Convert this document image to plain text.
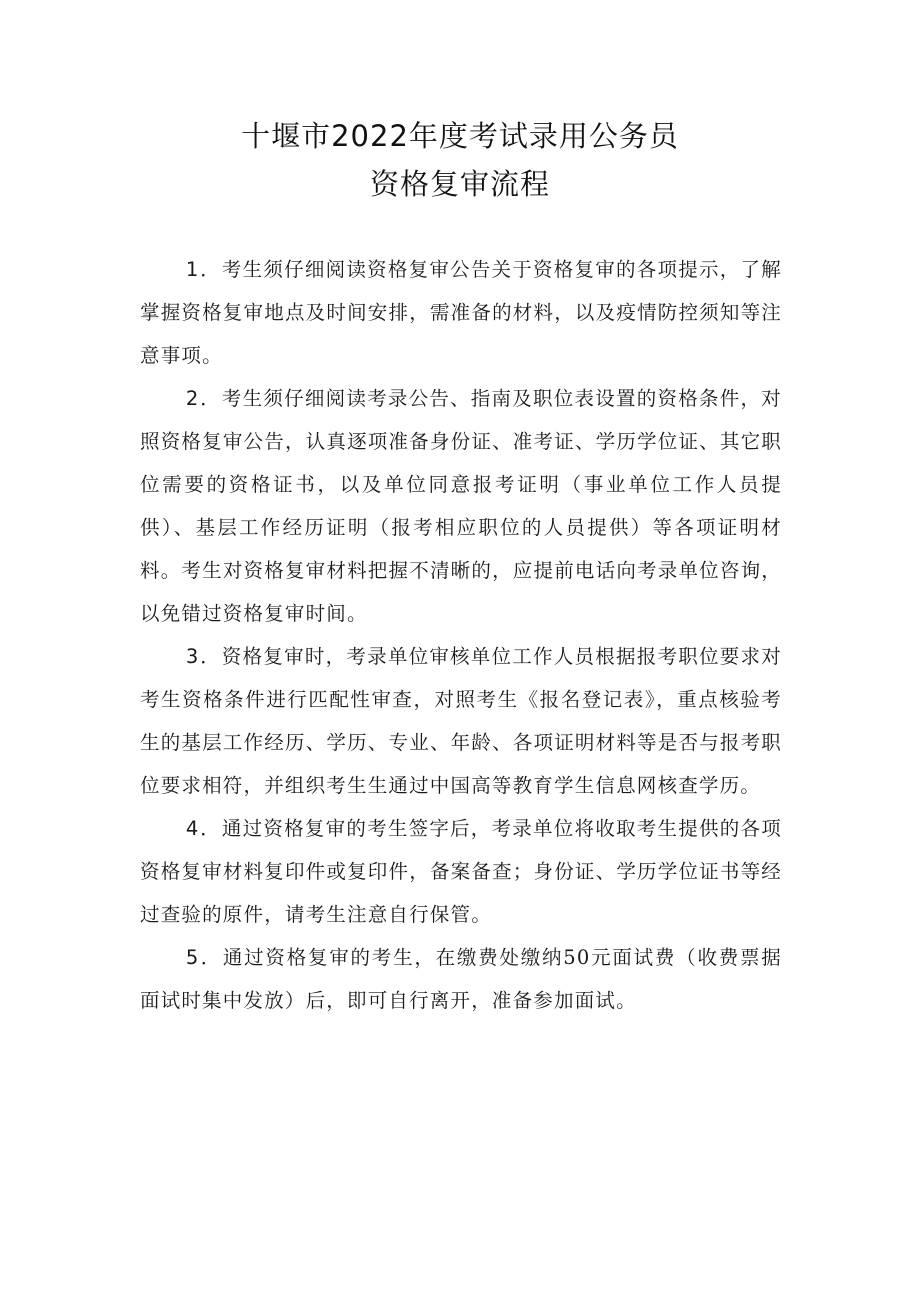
十堰市2022年度考试录用公务员
资格复审流程

1．考生须仔细阅读资格复审公告关于资格复审的各项提示，了解掌握资格复审地点及时间安排，需准备的材料，以及疫情防控须知等注意事项。

2．考生须仔细阅读考录公告、指南及职位表设置的资格条件，对照资格复审公告，认真逐项准备身份证、准考证、学历学位证、其它职位需要的资格证书，以及单位同意报考证明（事业单位工作人员提供）、基层工作经历证明（报考相应职位的人员提供）等各项证明材料。考生对资格复审材料把握不清晰的，应提前电话向考录单位咨询，以免错过资格复审时间。

3．资格复审时，考录单位审核单位工作人员根据报考职位要求对考生资格条件进行匹配性审查，对照考生《报名登记表》，重点核验考生的基层工作经历、学历、专业、年龄、各项证明材料等是否与报考职位要求相符，并组织考生生通过中国高等教育学生信息网核查学历。

4．通过资格复审的考生签字后，考录单位将收取考生提供的各项资格复审材料复印件或复印件，备案备查；身份证、学历学位证书等经过查验的原件，请考生注意自行保管。

5．通过资格复审的考生，在缴费处缴纳50元面试费（收费票据面试时集中发放）后，即可自行离开，准备参加面试。
